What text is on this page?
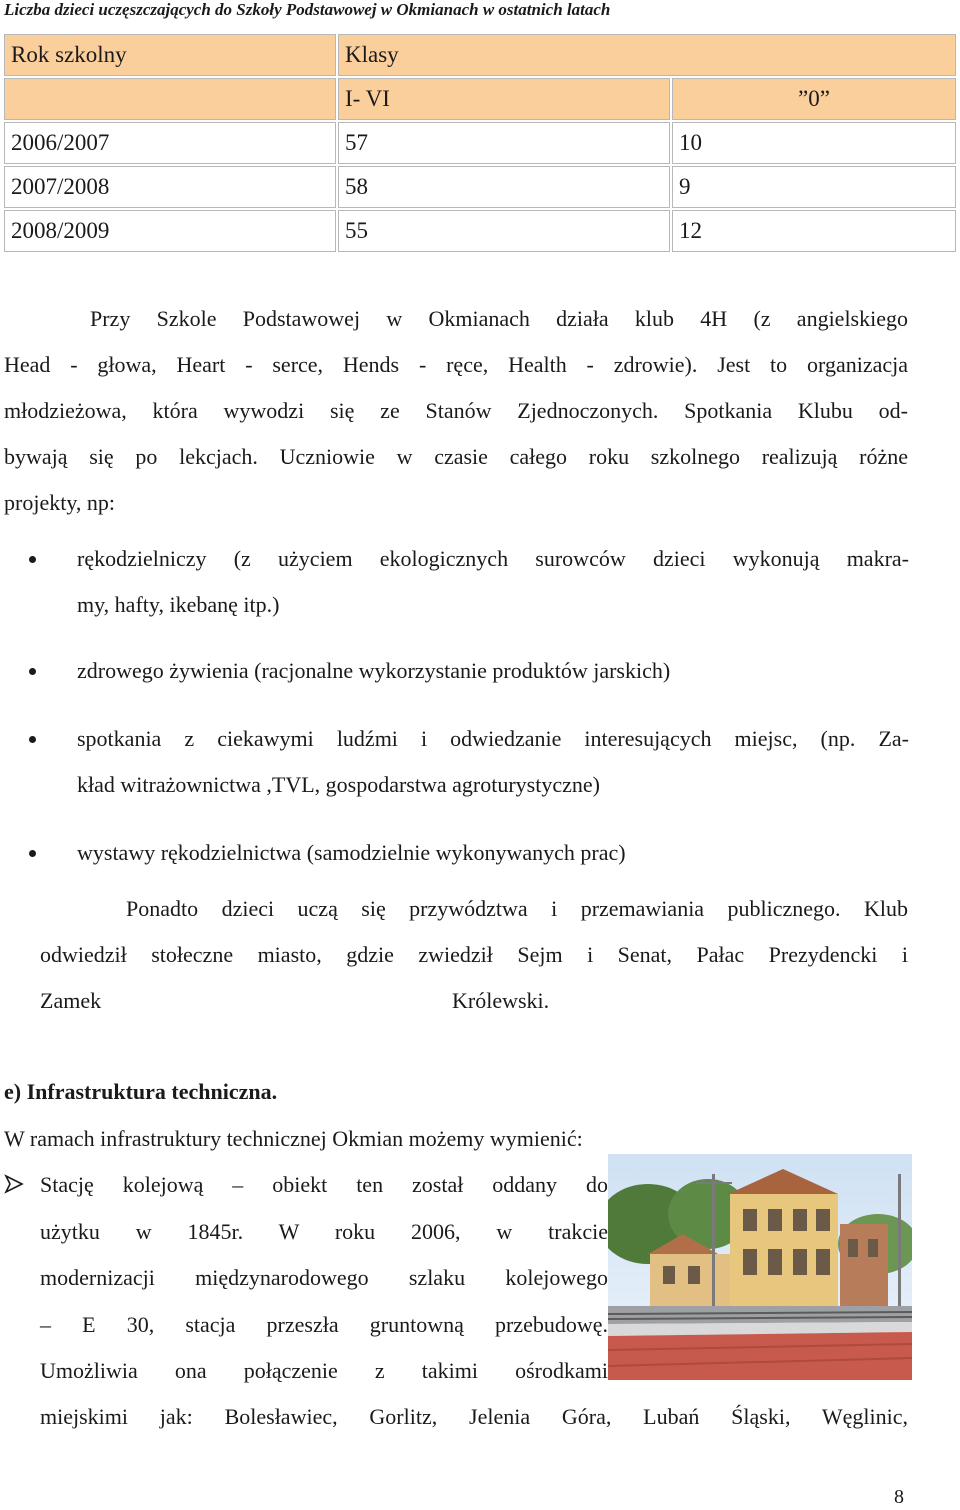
Liczba dzieci uczęszczających do Szkoły Podstawowej w Okmianach w ostatnich latach
Rok szkolny	Klasy	
	I- VI	”0”
2006/2007	57	10
2007/2008	58	9
2008/2009	55	12
Przy Szkole Podstawowej w Okmianach działa klub 4H (z angielskiego
Head - głowa, Heart - serce, Hends - ręce, Health - zdrowie). Jest to organizacja
młodzieżowa, która wywodzi się ze Stanów Zjednoczonych. Spotkania Klubu od-
bywają się po lekcjach. Uczniowie w czasie całego roku szkolnego realizują różne
projekty, np:
rękodzielniczy (z użyciem ekologicznych surowców dzieci wykonują makra-
my, hafty, ikebanę itp.)
zdrowego żywienia (racjonalne wykorzystanie produktów jarskich)
spotkania z ciekawymi ludźmi i odwiedzanie interesujących miejsc, (np. Za-
kład witrażownictwa ,TVL, gospodarstwa agroturystyczne)
wystawy rękodzielnictwa (samodzielnie wykonywanych prac)
Ponadto dzieci uczą się przywództwa i przemawiania publicznego. Klub
odwiedził stołeczne miasto, gdzie zwiedził Sejm i Senat, Pałac Prezydencki i
Zamek	Królewski.
e) Infrastruktura techniczna.
W ramach infrastruktury technicznej Okmian możemy wymienić:
Stację kolejową – obiekt ten został oddany do
użytku w 1845r. W roku 2006, w trakcie
modernizacji międzynarodowego szlaku kolejowego
– E 30, stacja przeszła gruntowną przebudowę.
Umożliwia ona połączenie z takimi ośrodkami
miejskimi jak: Bolesławiec, Gorlitz, Jelenia Góra, Lubań Śląski, Węglinic,
8
